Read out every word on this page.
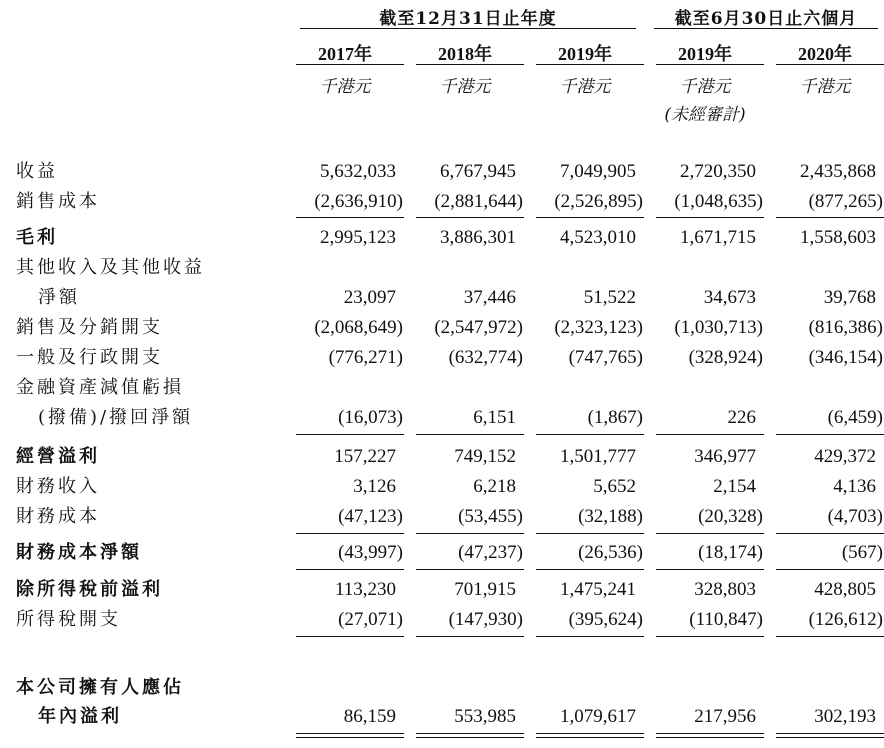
截至12月31日止年度	截至6月30日止六個月
2017年	2018年	2019年	2019年	2020年
千港元	千港元	千港元	千港元	千港元
(未經審計)
收益	5,632,033	6,767,945	7,049,905	2,720,350	2,435,868
銷售成本	(2,636,910)	(2,881,644)	(2,526,895)	(1,048,635)	(877,265)
毛利	2,995,123	3,886,301	4,523,010	1,671,715	1,558,603
其他收入及其他收益
淨額	23,097	37,446	51,522	34,673	39,768
銷售及分銷開支	(2,068,649)	(2,547,972)	(2,323,123)	(1,030,713)	(816,386)
一般及行政開支	(776,271)	(632,774)	(747,765)	(328,924)	(346,154)
金融資產減值虧損
(撥備)/撥回淨額	(16,073)	6,151	(1,867)	226	(6,459)
經營溢利	157,227	749,152	1,501,777	346,977	429,372
財務收入	3,126	6,218	5,652	2,154	4,136
財務成本	(47,123)	(53,455)	(32,188)	(20,328)	(4,703)
財務成本淨額	(43,997)	(47,237)	(26,536)	(18,174)	(567)
除所得稅前溢利	113,230	701,915	1,475,241	328,803	428,805
所得稅開支	(27,071)	(147,930)	(395,624)	(110,847)	(126,612)
本公司擁有人應佔
年內溢利	86,159	553,985	1,079,617	217,956	302,193
